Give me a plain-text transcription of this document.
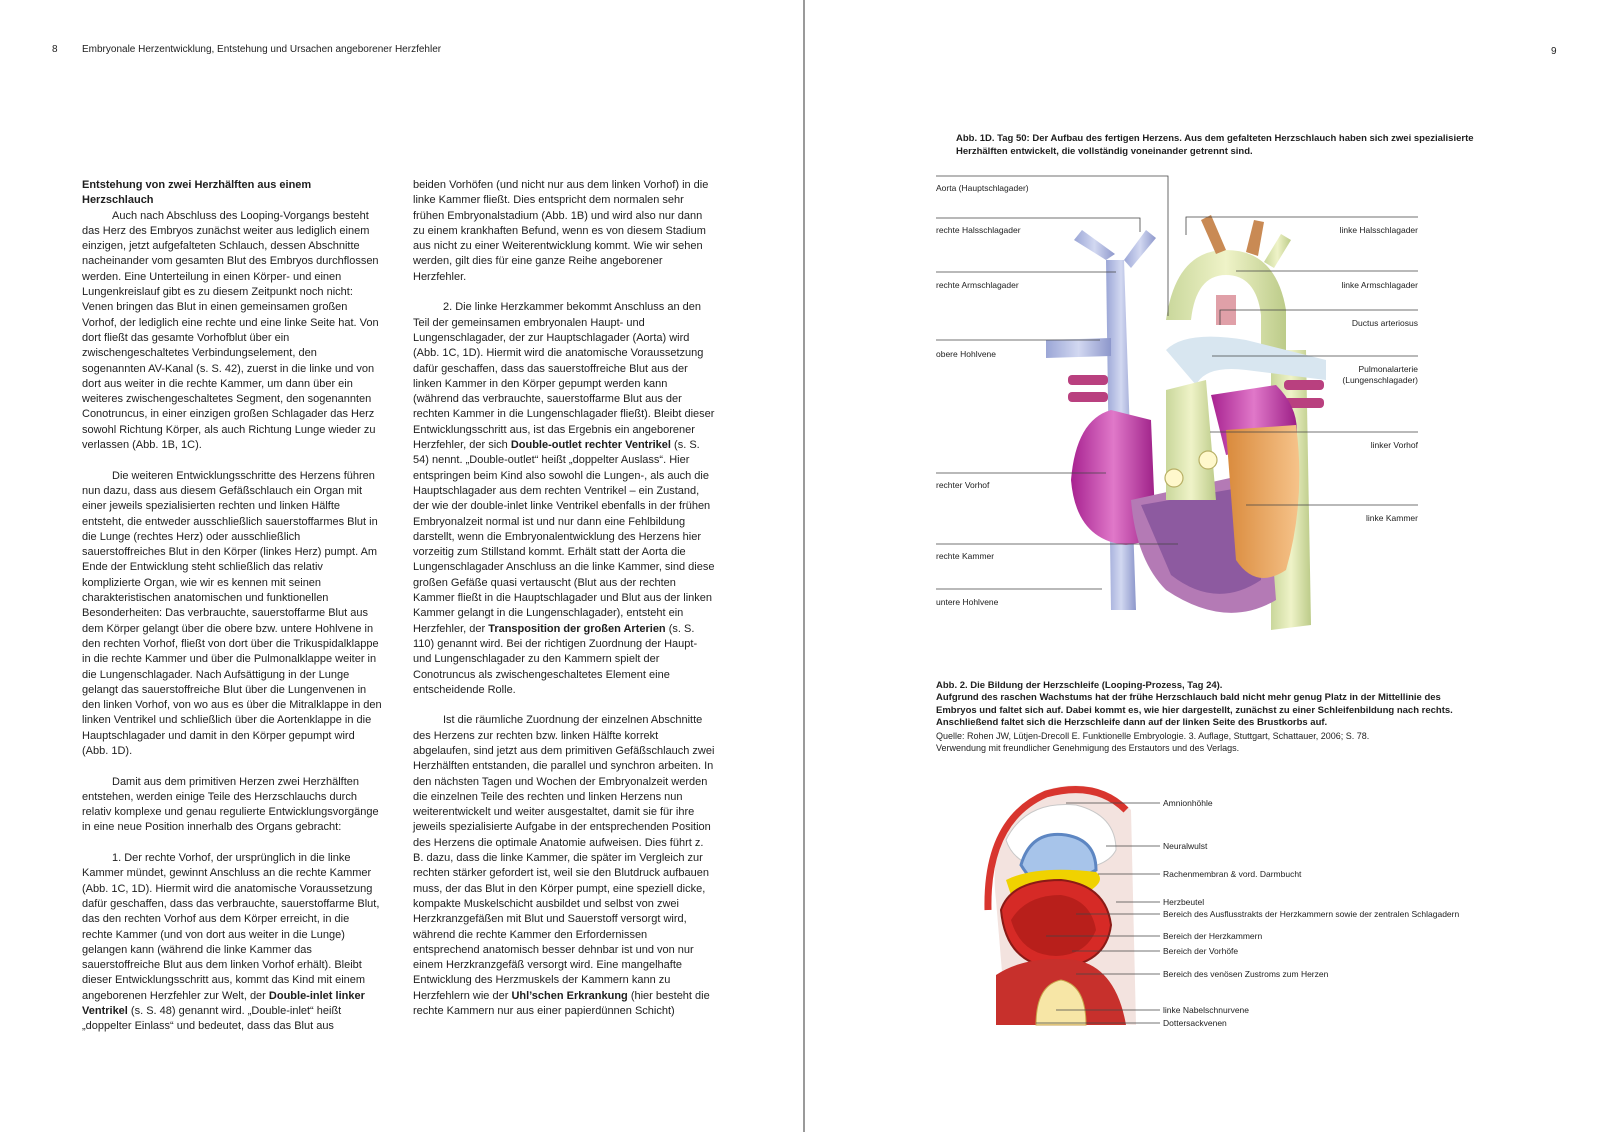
8 Embryonale Herzentwicklung, Entstehung und Ursachen angeborener Herzfehler
Entstehung von zwei Herzhälften aus einem Herzschlauch

Auch nach Abschluss des Looping-Vorgangs besteht das Herz des Embryos zunächst weiter aus lediglich einem einzigen, jetzt aufgefalteten Schlauch, dessen Abschnitte nacheinander vom gesamten Blut des Embryos durchflossen werden. Eine Unterteilung in einen Körper- und einen Lungenkreislauf gibt es zu diesem Zeitpunkt noch nicht: Venen bringen das Blut in einen gemeinsamen großen Vorhof, der lediglich eine rechte und eine linke Seite hat. Von dort fließt das gesamte Vorhofblut über ein zwischengeschaltetes Verbindungselement, den sogenannten AV-Kanal (s. S. 42), zuerst in die linke und von dort aus weiter in die rechte Kammer, um dann über ein weiteres zwischengeschaltetes Segment, den sogenannten Conotruncus, in einer einzigen großen Schlagader das Herz sowohl Richtung Körper, als auch Richtung Lunge wieder zu verlassen (Abb. 1B, 1C).

Die weiteren Entwicklungsschritte des Herzens führen nun dazu, dass aus diesem Gefäßschlauch ein Organ mit einer jeweils spezialisierten rechten und linken Hälfte entsteht, die entweder ausschließlich sauerstoffarmes Blut in die Lunge (rechtes Herz) oder ausschließlich sauerstoffreiches Blut in den Körper (linkes Herz) pumpt. Am Ende der Entwicklung steht schließlich das relativ komplizierte Organ, wie wir es kennen mit seinen charakteristischen anatomischen und funktionellen Besonderheiten: Das verbrauchte, sauerstoffarme Blut aus dem Körper gelangt über die obere bzw. untere Hohlvene in den rechten Vorhof, fließt von dort über die Trikuspidalklappe in die rechte Kammer und über die Pulmonalklappe weiter in die Lungenschlagader. Nach Aufsättigung in der Lunge gelangt das sauerstoffreiche Blut über die Lungenvenen in den linken Vorhof, von wo aus es über die Mitralklappe in den linken Ventrikel und schließlich über die Aortenklappe in die Hauptschlagader und damit in den Körper gepumpt wird (Abb. 1D).

Damit aus dem primitiven Herzen zwei Herzhälften entstehen, werden einige Teile des Herzschlauchs durch relativ komplexe und genau regulierte Entwicklungsvorgänge in eine neue Position innerhalb des Organs gebracht:

1. Der rechte Vorhof, der ursprünglich in die linke Kammer mündet, gewinnt Anschluss an die rechte Kammer (Abb. 1C, 1D). Hiermit wird die anatomische Voraussetzung dafür geschaffen, dass das verbrauchte, sauerstoffarme Blut, das den rechten Vorhof aus dem Körper erreicht, in die rechte Kammer (und von dort aus weiter in die Lunge) gelangen kann (während die linke Kammer das sauerstoffreiche Blut aus dem linken Vorhof erhält). Bleibt dieser Entwicklungsschritt aus, kommt das Kind mit einem angeborenen Herzfehler zur Welt, der Double-inlet linker Ventrikel (s. S. 48) genannt wird. „Double-inlet“ heißt „doppelter Einlass“ und bedeutet, dass das Blut aus

beiden Vorhöfen (und nicht nur aus dem linken Vorhof) in die linke Kammer fließt. Dies entspricht dem normalen sehr frühen Embryonalstadium (Abb. 1B) und wird also nur dann zu einem krankhaften Befund, wenn es von diesem Stadium aus nicht zu einer Weiterentwicklung kommt. Wie wir sehen werden, gilt dies für eine ganze Reihe angeborener Herzfehler.

2. Die linke Herzkammer bekommt Anschluss an den Teil der gemeinsamen embryonalen Haupt- und Lungenschlagader, der zur Hauptschlagader (Aorta) wird (Abb. 1C, 1D). Hiermit wird die anatomische Voraussetzung dafür geschaffen, dass das sauerstoffreiche Blut aus der linken Kammer in den Körper gepumpt werden kann (während das verbrauchte, sauerstoffarme Blut aus der rechten Kammer in die Lungenschlagader fließt). Bleibt dieser Entwicklungsschritt aus, ist das Ergebnis ein angeborener Herzfehler, der sich Double-outlet rechter Ventrikel (s. S. 54) nennt. „Double-outlet“ heißt „doppelter Auslass“. Hier entspringen beim Kind also sowohl die Lungen-, als auch die Hauptschlagader aus dem rechten Ventrikel – ein Zustand, der wie der double-inlet linke Ventrikel ebenfalls in der frühen Embryonalzeit normal ist und nur dann eine Fehlbildung darstellt, wenn die Embryonalentwicklung des Herzens hier vorzeitig zum Stillstand kommt. Erhält statt der Aorta die Lungenschlagader Anschluss an die linke Kammer, sind diese großen Gefäße quasi vertauscht (Blut aus der rechten Kammer fließt in die Hauptschlagader und Blut aus der linken Kammer gelangt in die Lungenschlagader), entsteht ein Herzfehler, der Transposition der großen Arterien (s. S. 110) genannt wird. Bei der richtigen Zuordnung der Haupt- und Lungenschlagader zu den Kammern spielt der Conotruncus als zwischengeschaltetes Element eine entscheidende Rolle.

Ist die räumliche Zuordnung der einzelnen Abschnitte des Herzens zur rechten bzw. linken Hälfte korrekt abgelaufen, sind jetzt aus dem primitiven Gefäßschlauch zwei Herzhälften entstanden, die parallel und synchron arbeiten. In den nächsten Tagen und Wochen der Embryonalzeit werden die einzelnen Teile des rechten und linken Herzens nun weiterentwickelt und weiter ausgestaltet, damit sie für ihre jeweils spezialisierte Aufgabe in der entsprechenden Position des Herzens die optimale Anatomie aufweisen. Dies führt z. B. dazu, dass die linke Kammer, die später im Vergleich zur rechten stärker gefordert ist, weil sie den Blutdruck aufbauen muss, der das Blut in den Körper pumpt, eine speziell dicke, kompakte Muskelschicht ausbildet und selbst von zwei Herzkranzgefäßen mit Blut und Sauerstoff versorgt wird, während die rechte Kammer den Erfordernissen entsprechend anatomisch besser dehnbar ist und von nur einem Herzkranzgefäß versorgt wird. Eine mangelhafte Entwicklung des Herzmuskels der Kammern kann zu Herzfehlern wie der Uhl’schen Erkrankung (hier besteht die rechte Kammern nur aus einer papierdünnen Schicht)

9
Abb. 1D. Tag 50: Der Aufbau des fertigen Herzens. Aus dem gefalteten Herzschlauch haben sich zwei spezialisierte Herzhälften entwickelt, die vollständig voneinander getrennt sind.
Aorta (Hauptschlagader)
rechte Halsschlagader
rechte Armschlagader
obere Hohlvene
rechter Vorhof
rechte Kammer
untere Hohlvene
linke Halsschlagader
linke Armschlagader
Ductus arteriosus
Pulmonalarterie
(Lungenschlagader)
linker Vorhof
linke Kammer
Abb. 2. Die Bildung der Herzschleife (Looping-Prozess, Tag 24).
Aufgrund des raschen Wachstums hat der frühe Herzschlauch bald nicht mehr genug Platz in der Mittellinie des Embryos und faltet sich auf. Dabei kommt es, wie hier dargestellt, zunächst zu einer Schleifenbildung nach rechts. Anschließend faltet sich die Herzschleife dann auf der linken Seite des Brustkorbs auf.
Quelle: Rohen JW, Lütjen-Drecoll E. Funktionelle Embryologie. 3. Auflage, Stuttgart, Schattauer, 2006; S. 78.
Verwendung mit freundlicher Genehmigung des Erstautors und des Verlags.
Amnionhöhle
Neuralwulst
Rachenmembran & vord. Darmbucht
Herzbeutel
Bereich des Ausflusstrakts der Herzkammern sowie der zentralen Schlagadern
Bereich der Herzkammern
Bereich der Vorhöfe
Bereich des venösen Zustroms zum Herzen
linke Nabelschnurvene
Dottersackvenen
